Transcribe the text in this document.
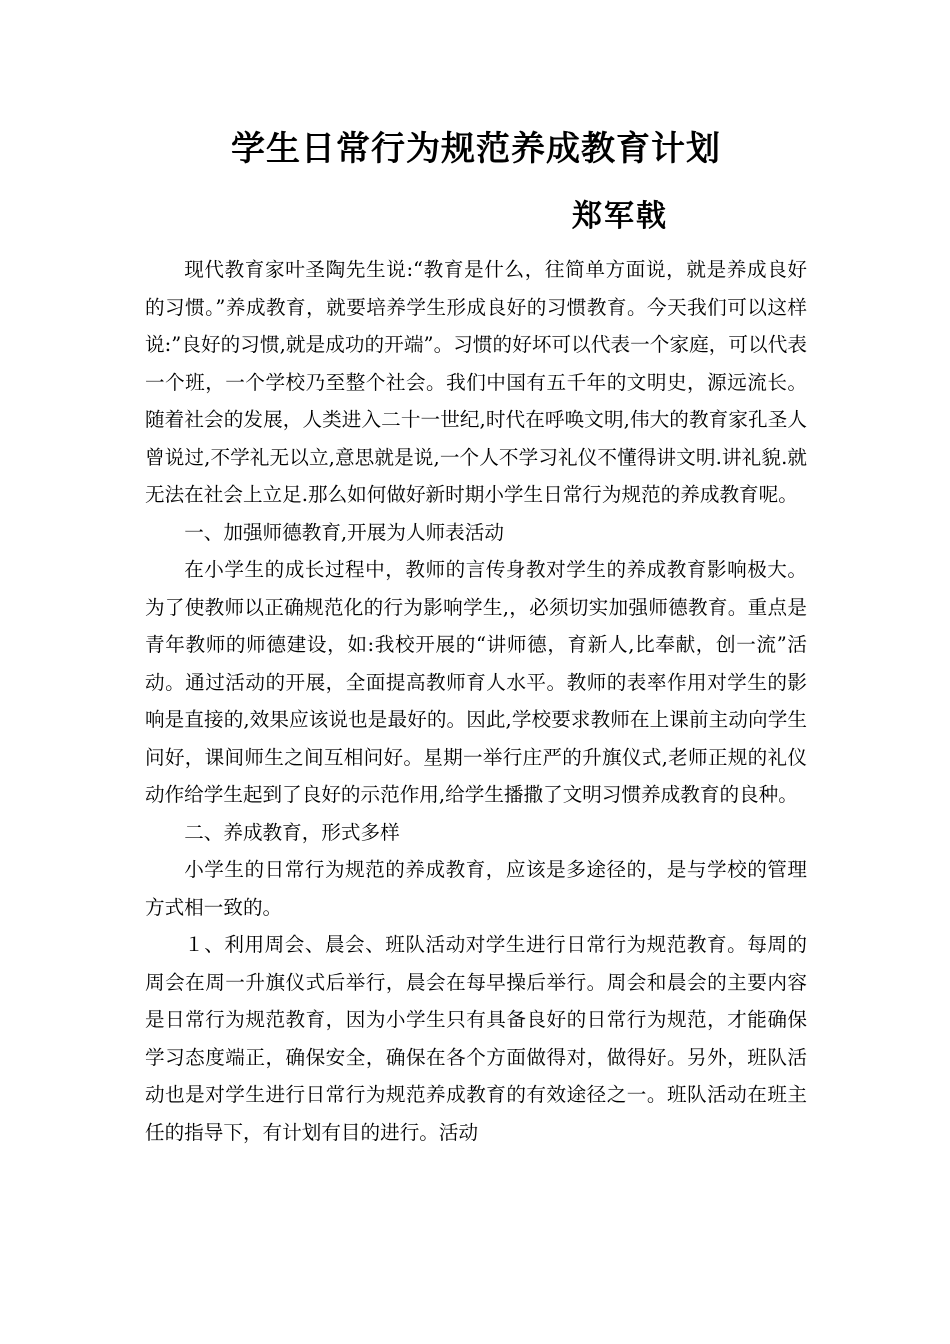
学生日常行为规范养成教育计划
郑军戟

现代教育家叶圣陶先生说:“教育是什么，往简单方面说，就是养成良好的习惯。”养成教育，就要培养学生形成良好的习惯教育。今天我们可以这样说:”良好的习惯,就是成功的开端”。习惯的好坏可以代表一个家庭，可以代表一个班，一个学校乃至整个社会。我们中国有五千年的文明史，源远流长。随着社会的发展，人类进入二十一世纪,时代在呼唤文明,伟大的教育家孔圣人曾说过,不学礼无以立,意思就是说,一个人不学习礼仪不懂得讲文明.讲礼貌.就无法在社会上立足.那么如何做好新时期小学生日常行为规范的养成教育呢。

一、加强师德教育,开展为人师表活动

在小学生的成长过程中，教师的言传身教对学生的养成教育影响极大。为了使教师以正确规范化的行为影响学生,，必须切实加强师德教育。重点是青年教师的师德建设，如:我校开展的“讲师德，育新人,比奉献，创一流”活动。通过活动的开展，全面提高教师育人水平。教师的表率作用对学生的影响是直接的,效果应该说也是最好的。因此,学校要求教师在上课前主动向学生问好，课间师生之间互相问好。星期一举行庄严的升旗仪式,老师正规的礼仪动作给学生起到了良好的示范作用,给学生播撒了文明习惯养成教育的良种。

二、养成教育，形式多样

小学生的日常行为规范的养成教育，应该是多途径的，是与学校的管理方式相一致的。

１、利用周会、晨会、班队活动对学生进行日常行为规范教育。每周的周会在周一升旗仪式后举行，晨会在每早操后举行。周会和晨会的主要内容是日常行为规范教育，因为小学生只有具备良好的日常行为规范，才能确保学习态度端正，确保安全，确保在各个方面做得对，做得好。另外，班队活动也是对学生进行日常行为规范养成教育的有效途径之一。班队活动在班主任的指导下，有计划有目的进行。活动
